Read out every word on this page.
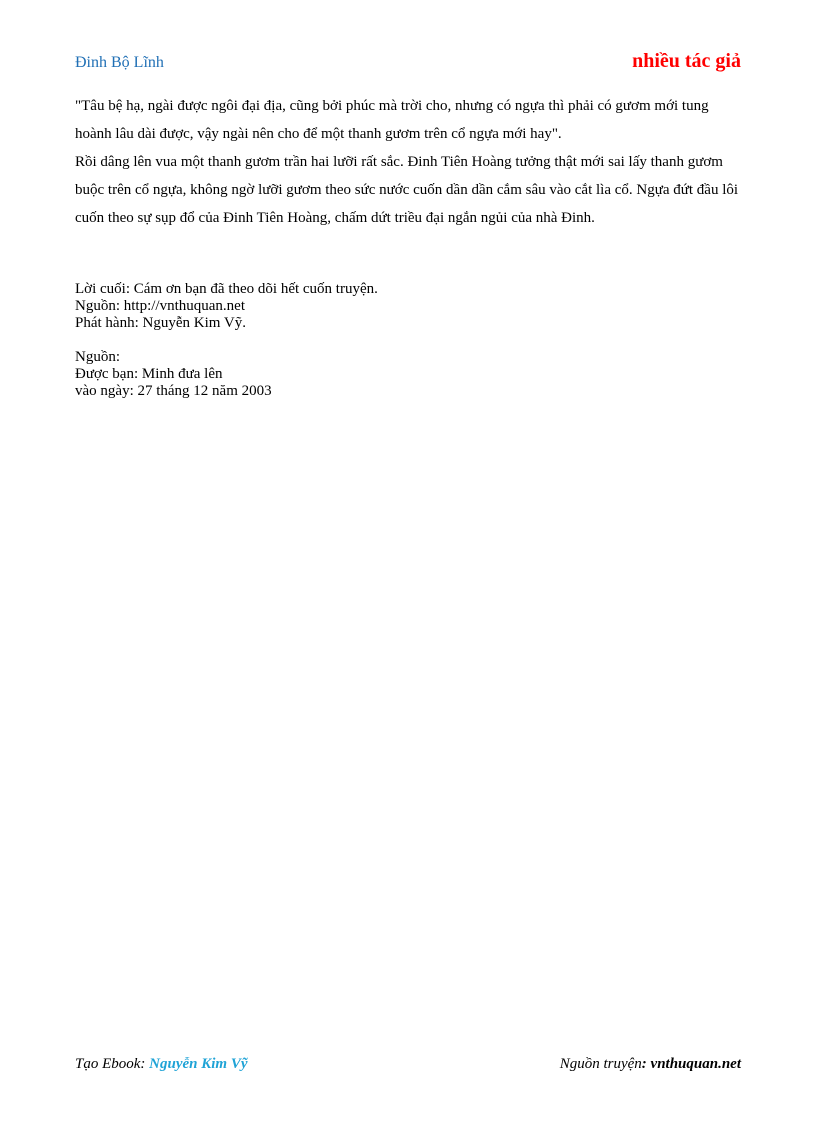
Đinh Bộ Lĩnh	nhiều tác giả

"Tâu bệ hạ, ngài được ngôi đại địa, cũng bởi phúc mà trời cho, nhưng có ngựa thì phải có gươm mới tung hoành lâu dài được, vậy ngài nên cho để một thanh gươm trên cổ ngựa mới hay".

Rồi dâng lên vua một thanh gươm trần hai lưỡi rất sắc. Đinh Tiên Hoàng tưởng thật mới sai lấy thanh gươm buộc trên cổ ngựa, không ngờ lưỡi gươm theo sức nước cuốn dần dần cắm sâu vào cắt lìa cổ. Ngựa đứt đầu lôi cuốn theo sự sụp đổ của Đinh Tiên Hoàng, chấm dứt triều đại ngắn ngủi của nhà Đinh.

Lời cuối: Cám ơn bạn đã theo dõi hết cuốn truyện.

Nguồn: http://vnthuquan.net

Phát hành: Nguyễn Kim Vỹ.

Nguồn:

Được bạn: Minh đưa lên

vào ngày: 27 tháng 12 năm 2003

Tạo Ebook: Nguyễn Kim Vỹ	Nguồn truyện: vnthuquan.net
